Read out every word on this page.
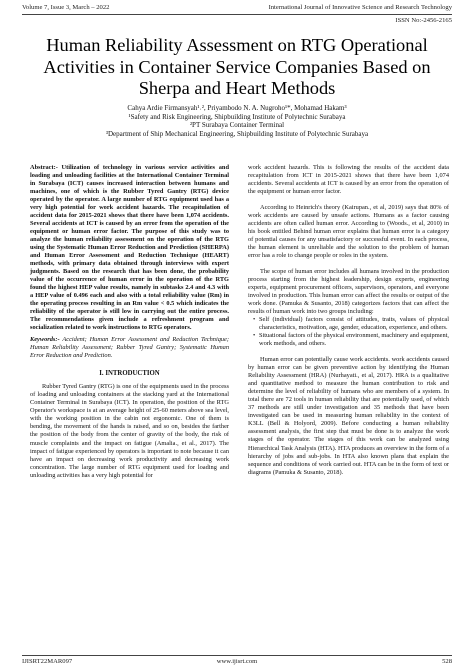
Volume 7, Issue 3, March – 2022	International Journal of Innovative Science and Research Technology
ISSN No:-2456-2165
Human Reliability Assessment on RTG Operational Activities in Container Service Companies Based on Sherpa and Heart Methods
Cahya Ardie Firmansyah¹˒², Priyambodo N. A. Nugroho¹*, Mohamad Hakam³
¹Safety and Risk Engineering, Shipbuilding Institute of Polytechnic Surabaya
²PT Surabaya Container Terminal
³Department of Ship Mechanical Engineering, Shipbuilding Institute of Polytechnic Surabaya

Abstract:- Utilization of technology in various service activities and loading and unloading facilities at the International Container Terminal in Surabaya (ICT) causes increased interaction between humans and machines, one of which is the Rubber Tyred Gantry (RTG) device operated by the operator. A large number of RTG equipment used has a very high potential for work accident hazards. The recapitulation of accident data for 2015-2021 shows that there have been 1,074 accidents. Several accidents at ICT is caused by an error from the operation of the equipment or human error factor. The purpose of this study was to analyze the human reliability assessment on the operation of the RTG using the Systematic Human Error Reduction and Prediction (SHERPA) and Human Error Assessment and Reduction Technique (HEART) methods, with primary data obtained through interviews with expert judgments. Based on the research that has been done, the probability value of the occurrence of human error in the operation of the RTG found the highest HEP value results, namely in subtasks 2.4 and 4.3 with a HEP value of 0.496 each and also with a total reliability value (Rm) in the operating process resulting in an Rm value < 0.5 which indicates the reliability of the operator is still low in carrying out the entire process. The recommendations given include a refreshment program and socialization related to work instructions to RTG operators.

Keywords:- Accident; Human Error Assessment and Reduction Technique; Human Reliability Assessment; Rubber Tyred Gantry; Systematic Human Error Reduction and Prediction.

I. INTRODUCTION

Rubber Tyred Gantry (RTG) is one of the equipments used in the process of loading and unloading containers at the stacking yard at the International Container Terminal in Surabaya (ICT). In operation, the position of the RTG Operator's workspace is at an average height of 25-60 meters above sea level, with the working position in the cabin not ergonomic. One of them is bending, the movement of the hands is raised, and so on, besides the farther the position of the body from the center of gravity of the body, the risk of muscle complaints and the impact on fatigue (Amalia., et al., 2017). The impact of fatigue experienced by operators is important to note because it can have an impact on decreasing work productivity and decreasing work concentration. The large number of RTG equipment used for loading and unloading activities has a very high potential for

work accident hazards. This is following the results of the accident data recapitulation from ICT in 2015-2021 shows that there have been 1,074 accidents. Several accidents at ICT is caused by an error from the operation of the equipment or human error factor.

According to Heinrich's theory (Kairupan., et al, 2019) says that 80% of work accidents are caused by unsafe actions. Humans as a factor causing accidents are often called human error. According to (Woods., et al, 2010) in his book entitled Behind human error explains that human error is a category of potential causes for any unsatisfactory or successful event. In each process, the human element is unreliable and the solution to the problem of human error has a role to change people or roles in the system.

The scope of human error includes all humans involved in the production process starting from the highest leadership, design experts, engineering experts, equipment procurement officers, supervisors, operators, and everyone involved in production. This human error can affect the results or output of the work done. (Pamuka & Susanto, 2018) categorizes factors that can affect the results of human work into two groups including:

• Self (individual) factors consist of attitudes, traits, values of physical characteristics, motivation, age, gender, education, experience, and others.
• Situational factors of the physical environment, machinery and equipment, work methods, and others.

Human error can potentially cause work accidents. work accidents caused by human error can be given preventive action by identifying the Human Reliability Assessment (HRA) (Nurhayati., et al, 2017). HRA is a qualitative and quantitative method to measure the human contribution to risk and determine the level of reliability of humans who are members of a system. In total there are 72 tools in human reliability that are potentially used, of which 37 methods are still under investigation and 35 methods that have been investigated can be used in measuring human reliability in the context of K3LL (Bell & Holyord, 2009). Before conducting a human reliability assessment analysis, the first step that must be done is to analyze the work stages of the operator. The stages of this work can be analyzed using Hierarchical Task Analysis (HTA). HTA produces an overview in the form of a hierarchy of jobs and sub-jobs. In HTA also known plans that explain the sequence and conditions of work carried out. HTA can be in the form of text or diagrams (Pamuka & Susanto, 2018).

IJISRT22MAR097	www.ijisrt.com	528
